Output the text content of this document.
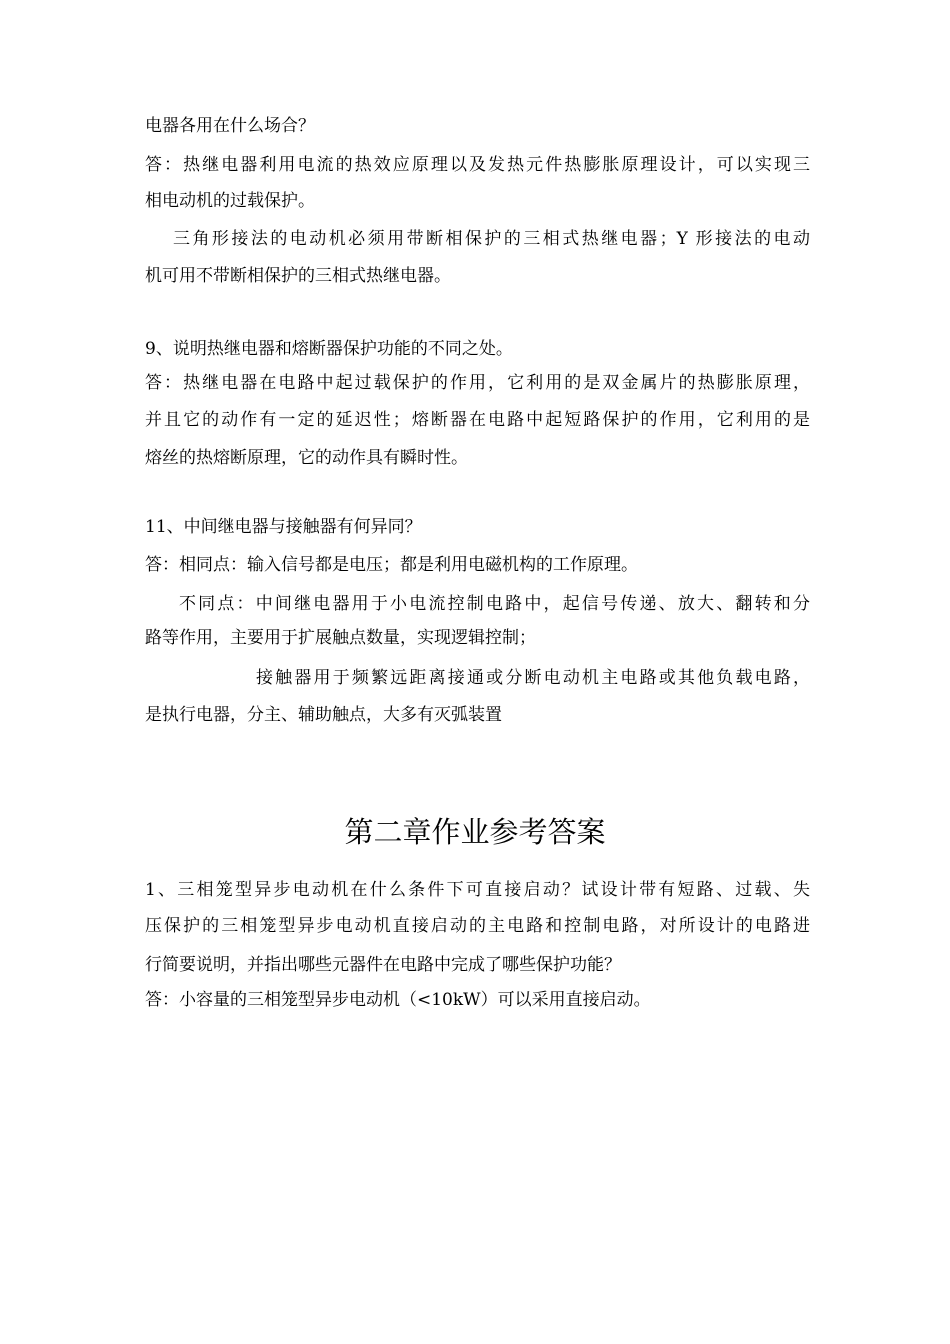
电器各用在什么场合？
答：热继电器利用电流的热效应原理以及发热元件热膨胀原理设计，可以实现三
相电动机的过载保护。
三角形接法的电动机必须用带断相保护的三相式热继电器；Y 形接法的电动
机可用不带断相保护的三相式热继电器。
9、说明热继电器和熔断器保护功能的不同之处。
答：热继电器在电路中起过载保护的作用，它利用的是双金属片的热膨胀原理，
并且它的动作有一定的延迟性；熔断器在电路中起短路保护的作用，它利用的是
熔丝的热熔断原理，它的动作具有瞬时性。
11、中间继电器与接触器有何异同？
答：相同点：输入信号都是电压；都是利用电磁机构的工作原理。
不同点：中间继电器用于小电流控制电路中，起信号传递、放大、翻转和分
路等作用，主要用于扩展触点数量，实现逻辑控制；
接触器用于频繁远距离接通或分断电动机主电路或其他负载电路，
是执行电器，分主、辅助触点，大多有灭弧装置
第二章作业参考答案
1、三相笼型异步电动机在什么条件下可直接启动？试设计带有短路、过载、失
压保护的三相笼型异步电动机直接启动的主电路和控制电路，对所设计的电路进
行简要说明，并指出哪些元器件在电路中完成了哪些保护功能？
答：小容量的三相笼型异步电动机（<10kW）可以采用直接启动。
